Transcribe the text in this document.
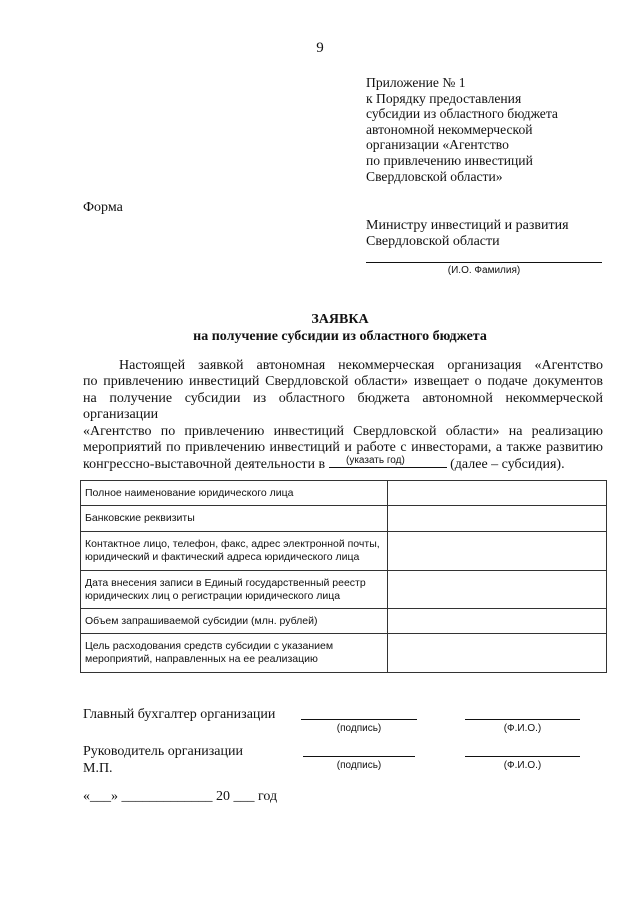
9
Приложение № 1
к Порядку предоставления
субсидии из областного бюджета
автономной некоммерческой
организации «Агентство
по привлечению инвестиций
Свердловской области»
Форма
Министру инвестиций и развития
Свердловской области
(И.О. Фамилия)
ЗАЯВКА
на получение субсидии из областного бюджета
Настоящей заявкой автономная некоммерческая организация «Агентство
по привлечению инвестиций Свердловской области» извещает о подаче документов
на получение субсидии из областного бюджета автономной некоммерческой организации
«Агентство по привлечению инвестиций Свердловской области» на реализацию
мероприятий по привлечению инвестиций и работе с инвесторами, а также развитию
конгрессно-выставочной деятельности в	(далее – субсидия).
(указать год)
Полное наименование юридического лица	
Банковские реквизиты	
Контактное лицо, телефон, факс, адрес электронной почты, юридический и фактический адреса юридического лица	
Дата внесения записи в Единый государственный реестр юридических лиц о регистрации юридического лица	
Объем запрашиваемой субсидии (млн. рублей)	
Цель расходования средств субсидии с указанием мероприятий, направленных на ее реализацию	
Главный бухгалтер организации
(подпись)	(Ф.И.О.)
Руководитель организации
М.П.	(подпись)	(Ф.И.О.)
«___» _____________ 20 ___ год
